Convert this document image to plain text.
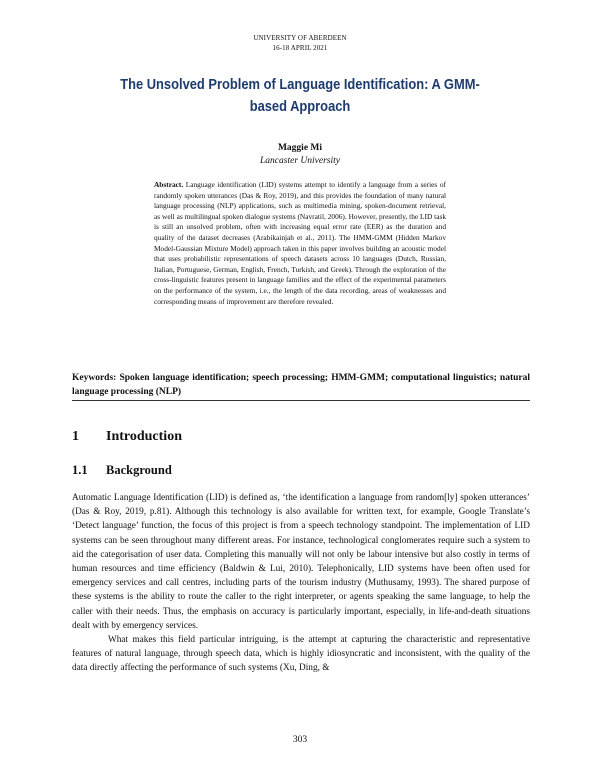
UNIVERSITY OF ABERDEEN
16-18 APRIL 2021
The Unsolved Problem of Language Identification: A GMM-based Approach
Maggie Mi
Lancaster University
Abstract. Language identification (LID) systems attempt to identify a language from a series of randomly spoken utterances (Das & Roy, 2019), and this provides the foundation of many natural language processing (NLP) applications, such as multimedia mining, spoken-document retrieval, as well as multilingual spoken dialogue systems (Navratil, 2006). However, presently, the LID task is still an unsolved problem, often with increasing equal error rate (EER) as the duration and quality of the dataset decreases (Arabikainjah et al., 2011). The HMM-GMM (Hidden Markov Model-Gaussian Mixture Model) approach taken in this paper involves building an acoustic model that uses probabilistic representations of speech datasets across 10 languages (Dutch, Russian, Italian, Portuguese, German, English, French, Turkish, and Greek). Through the exploration of the cross-linguistic features present in language families and the effect of the experimental parameters on the performance of the system, i.e., the length of the data recording, areas of weaknesses and corresponding means of improvement are therefore revealed.
Keywords: Spoken language identification; speech processing; HMM-GMM; computational linguistics; natural language processing (NLP)
1 Introduction
1.1 Background

Automatic Language Identification (LID) is defined as, ‘the identification a language from random[ly] spoken utterances’ (Das & Roy, 2019, p.81). Although this technology is also available for written text, for example, Google Translate’s ‘Detect language’ function, the focus of this project is from a speech technology standpoint. The implementation of LID systems can be seen throughout many different areas. For instance, technological conglomerates require such a system to aid the categorisation of user data. Completing this manually will not only be labour intensive but also costly in terms of human resources and time efficiency (Baldwin & Lui, 2010). Telephonically, LID systems have been often used for emergency services and call centres, including parts of the tourism industry (Muthusamy, 1993). The shared purpose of these systems is the ability to route the caller to the right interpreter, or agents speaking the same language, to help the caller with their needs. Thus, the emphasis on accuracy is particularly important, especially, in life-and-death situations dealt with by emergency services.

What makes this field particular intriguing, is the attempt at capturing the characteristic and representative features of natural language, through speech data, which is highly idiosyncratic and inconsistent, with the quality of the data directly affecting the performance of such systems (Xu, Ding, &

303
